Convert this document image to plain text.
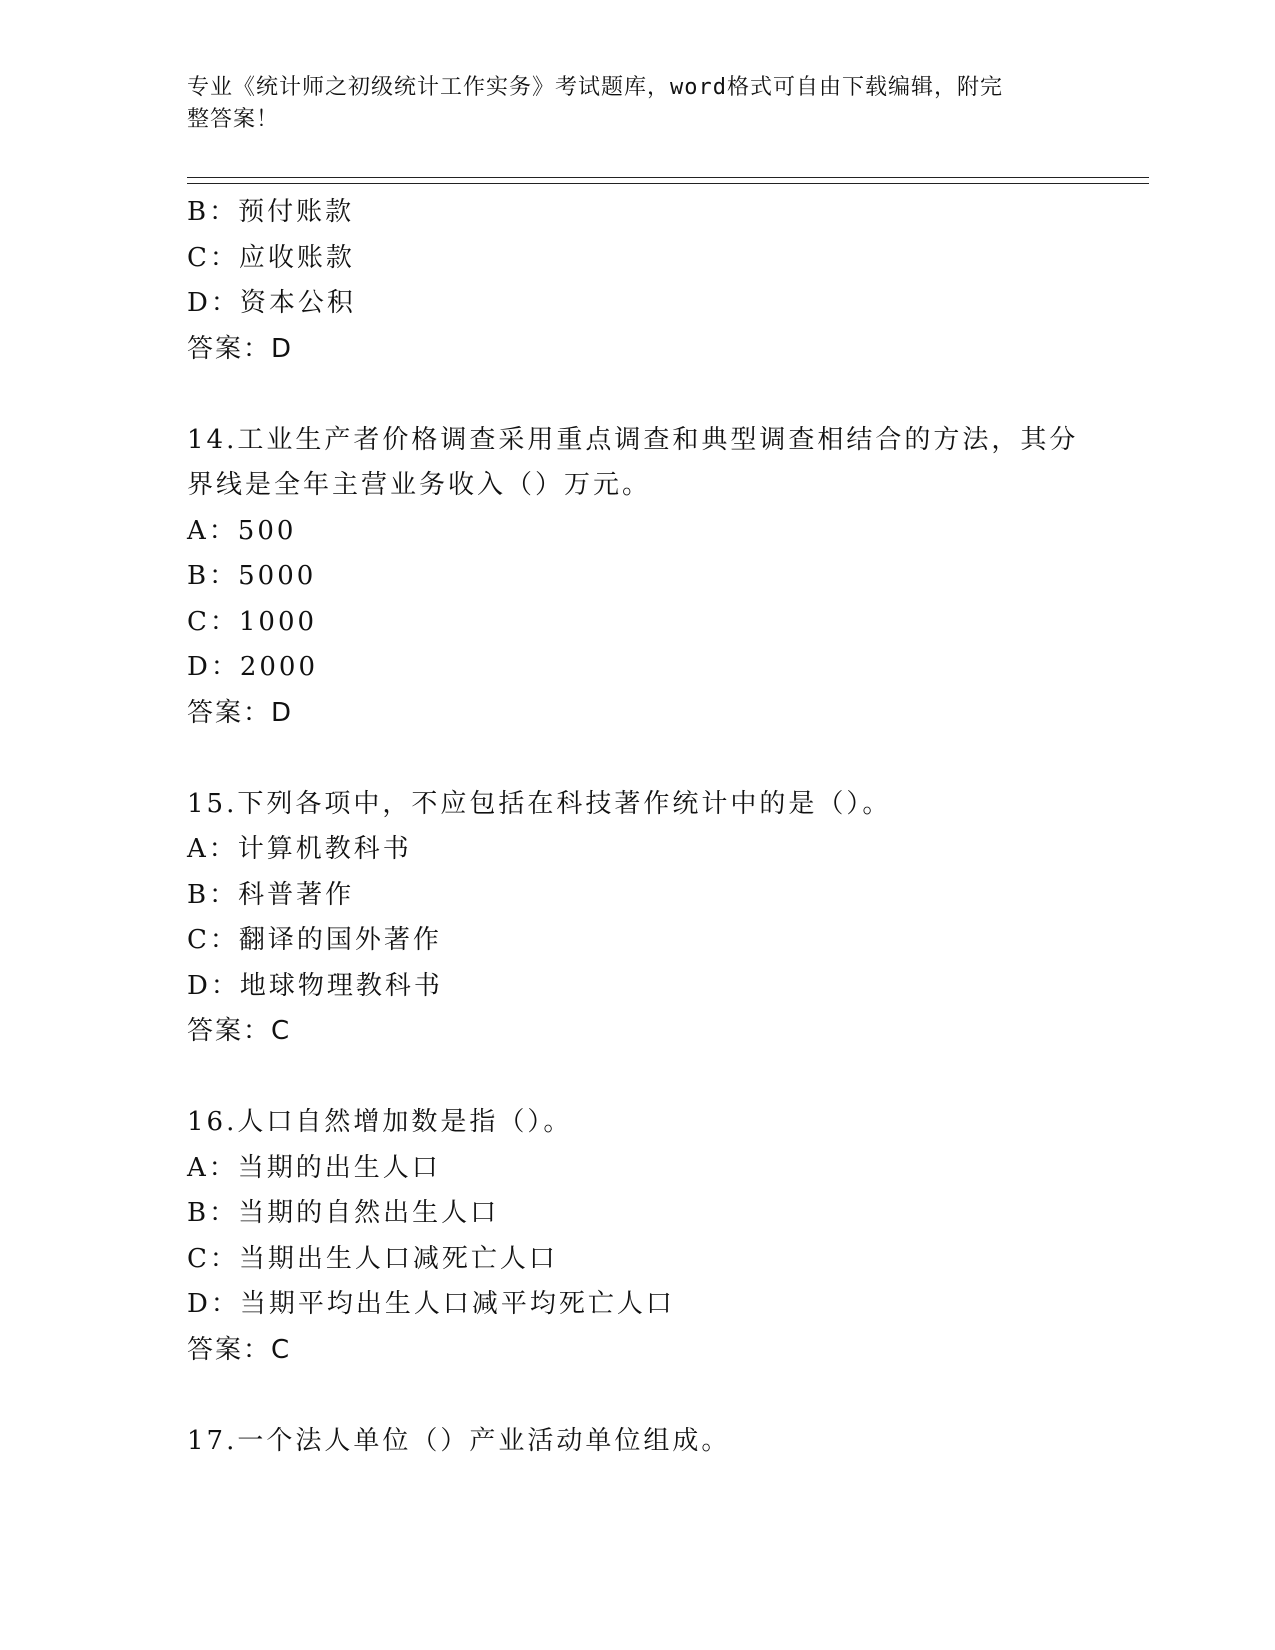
专业《统计师之初级统计工作实务》考试题库，word格式可自由下载编辑，附完
整答案！
B：预付账款
C：应收账款
D：资本公积
答案：D
14.工业生产者价格调查采用重点调查和典型调查相结合的方法，其分
界线是全年主营业务收入（）万元。
A：500
B：5000
C：1000
D：2000
答案：D
15.下列各项中，不应包括在科技著作统计中的是（）。
A：计算机教科书
B：科普著作
C：翻译的国外著作
D：地球物理教科书
答案：C
16.人口自然增加数是指（）。
A：当期的出生人口
B：当期的自然出生人口
C：当期出生人口减死亡人口
D：当期平均出生人口减平均死亡人口
答案：C
17.一个法人单位（）产业活动单位组成。
